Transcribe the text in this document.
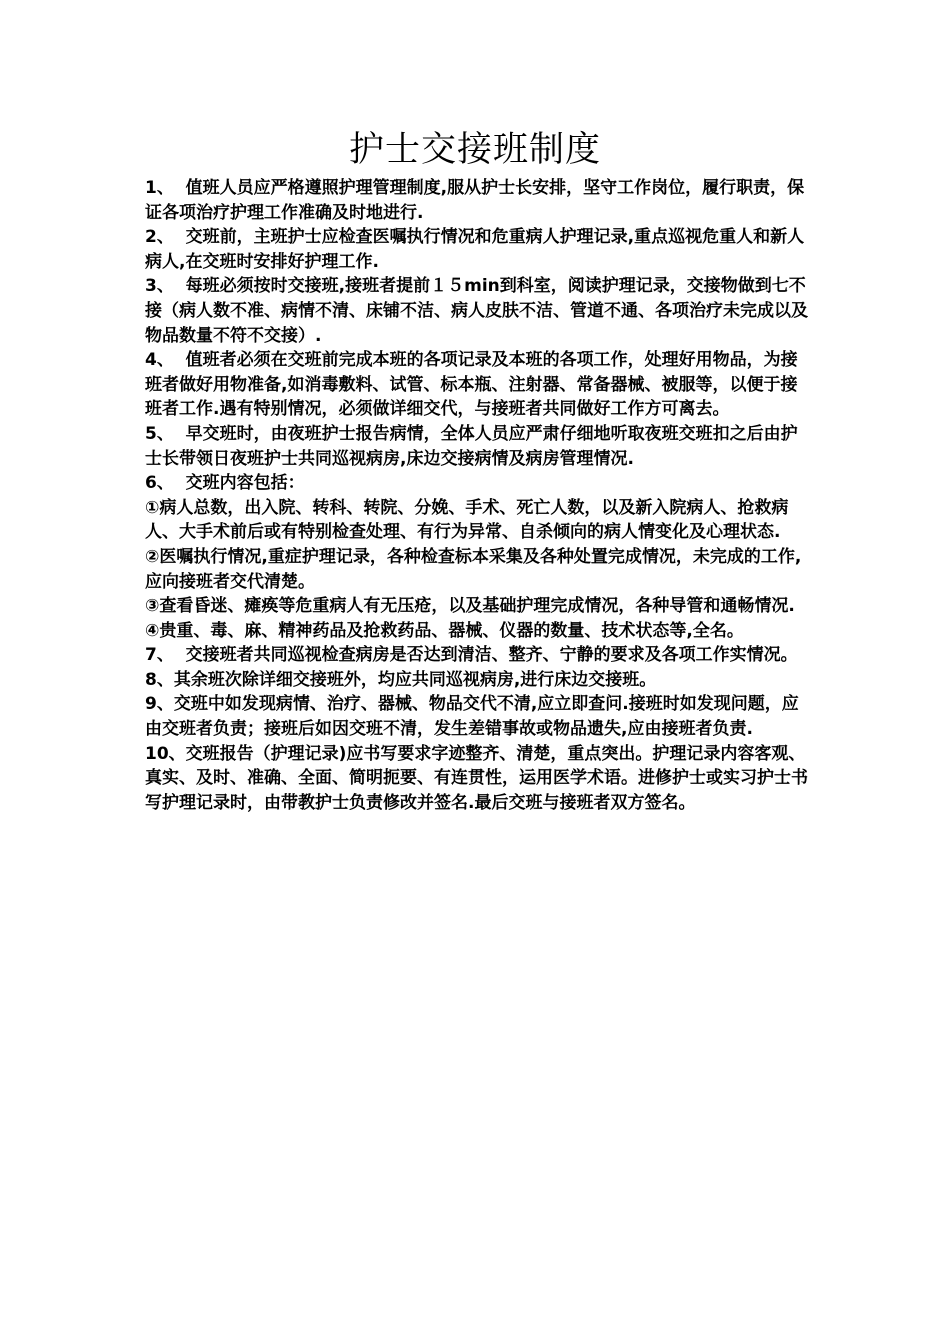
护士交接班制度

1、  值班人员应严格遵照护理管理制度,服从护士长安排，坚守工作岗位，履行职责，保证各项治疗护理工作准确及时地进行.

2、  交班前，主班护士应检查医嘱执行情况和危重病人护理记录,重点巡视危重人和新人病人,在交班时安排好护理工作.

3、  每班必须按时交接班,接班者提前１５min到科室，阅读护理记录，交接物做到七不接（病人数不准、病情不清、床铺不洁、病人皮肤不洁、管道不通、各项治疗未完成以及物品数量不符不交接）.

4、  值班者必须在交班前完成本班的各项记录及本班的各项工作，处理好用物品，为接班者做好用物准备,如消毒敷料、试管、标本瓶、注射器、常备器械、被服等，以便于接班者工作.遇有特别情况，必须做详细交代，与接班者共同做好工作方可离去。

5、  早交班时，由夜班护士报告病情，全体人员应严肃仔细地听取夜班交班扣之后由护士长带领日夜班护士共同巡视病房,床边交接病情及病房管理情况.

6、  交班内容包括：

①病人总数，出入院、转科、转院、分娩、手术、死亡人数，以及新入院病人、抢救病人、大手术前后或有特别检查处理、有行为异常、自杀倾向的病人情变化及心理状态.

②医嘱执行情况,重症护理记录，各种检查标本采集及各种处置完成情况，未完成的工作,应向接班者交代清楚。

③查看昏迷、瘫痪等危重病人有无压疮，以及基础护理完成情况，各种导管和通畅情况.

④贵重、毒、麻、精神药品及抢救药品、器械、仪器的数量、技术状态等,全名。

7、  交接班者共同巡视检查病房是否达到清洁、整齐、宁静的要求及各项工作实情况。

8、其余班次除详细交接班外，均应共同巡视病房,进行床边交接班。

9、交班中如发现病情、治疗、器械、物品交代不清,应立即查问.接班时如发现问题，应由交班者负责；接班后如因交班不清，发生差错事故或物品遗失,应由接班者负责.

10、交班报告（护理记录)应书写要求字迹整齐、清楚，重点突出。护理记录内容客观、真实、及时、准确、全面、简明扼要、有连贯性，运用医学术语。进修护士或实习护士书写护理记录时，由带教护士负责修改并签名.最后交班与接班者双方签名。
